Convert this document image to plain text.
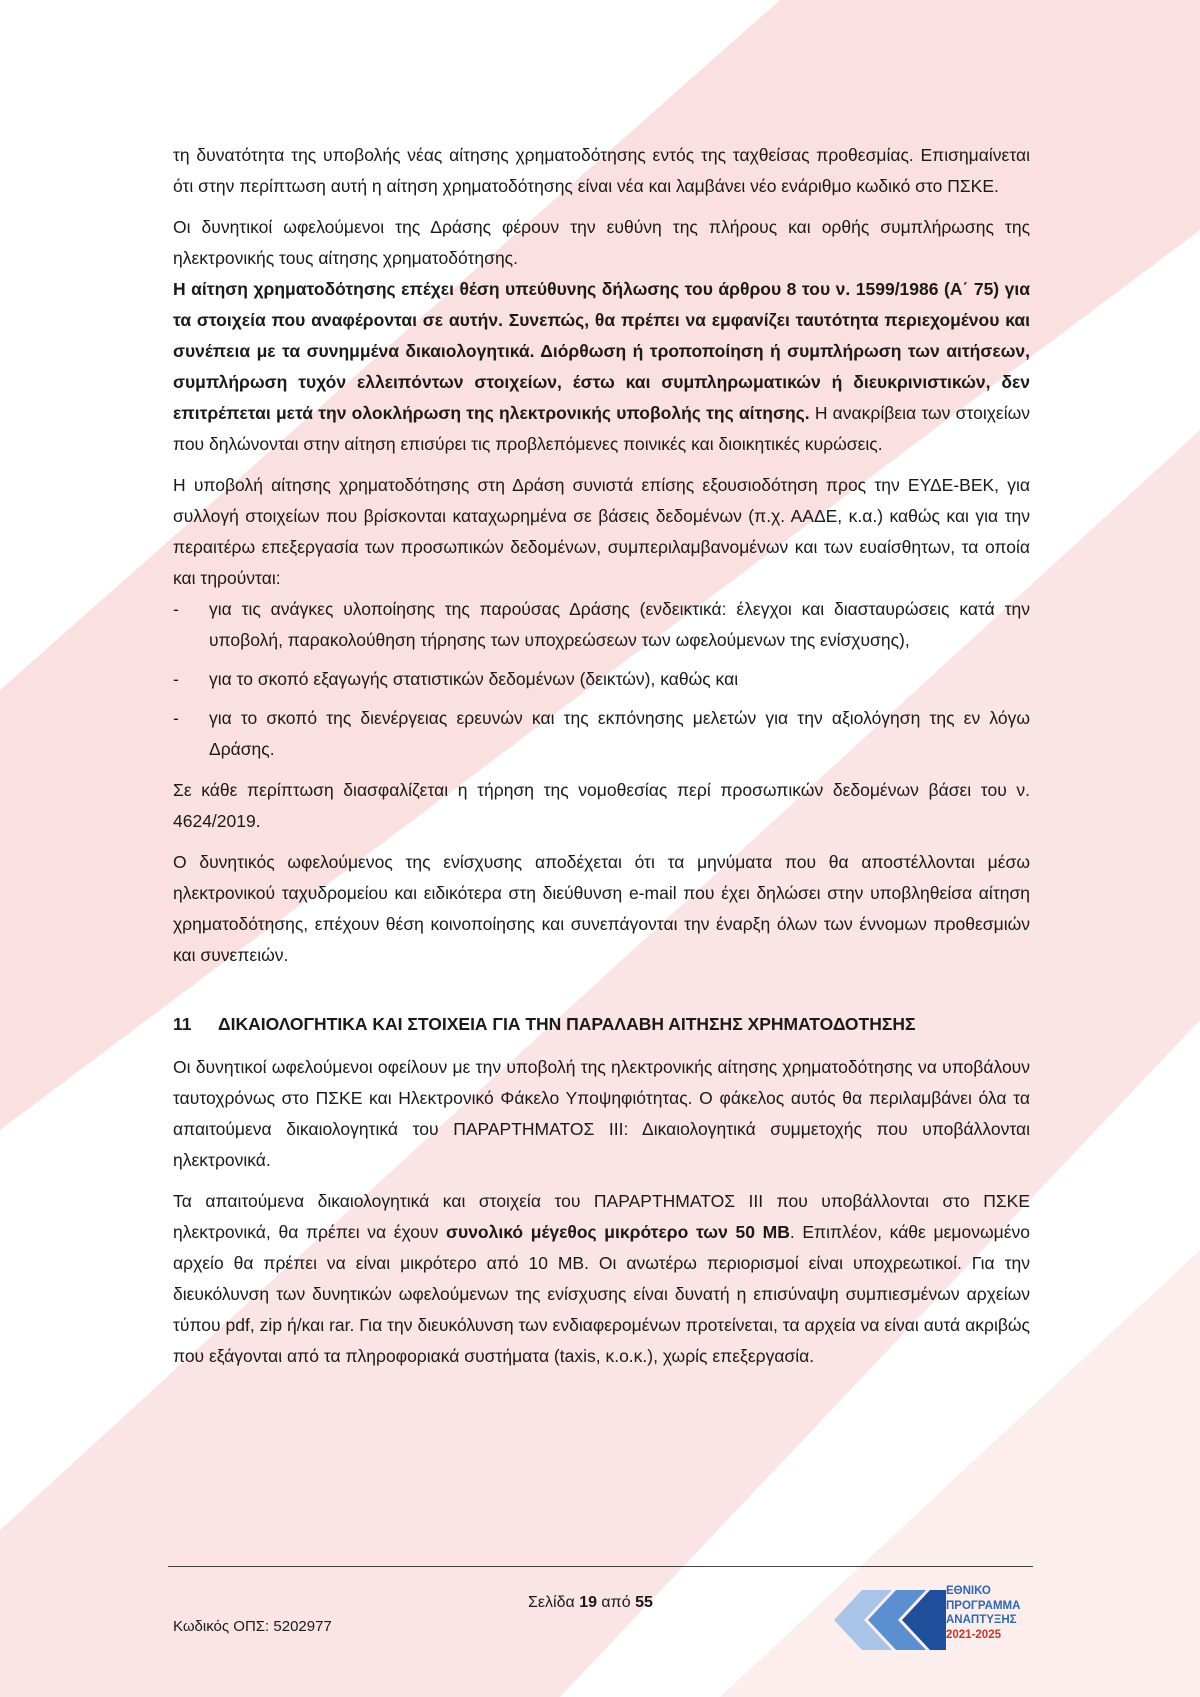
τη δυνατότητα της υποβολής νέας αίτησης χρηματοδότησης εντός της ταχθείσας προθεσμίας. Επισημαίνεται ότι στην περίπτωση αυτή η αίτηση χρηματοδότησης είναι νέα και λαμβάνει νέο ενάριθμο κωδικό στο ΠΣΚΕ.

Οι δυνητικοί ωφελούμενοι της Δράσης φέρουν την ευθύνη της πλήρους και ορθής συμπλήρωσης της ηλεκτρονικής τους αίτησης χρηματοδότησης.

Η αίτηση χρηματοδότησης επέχει θέση υπεύθυνης δήλωσης του άρθρου 8 του ν. 1599/1986 (Α΄ 75) για τα στοιχεία που αναφέρονται σε αυτήν. Συνεπώς, θα πρέπει να εμφανίζει ταυτότητα περιεχομένου και συνέπεια με τα συνημμένα δικαιολογητικά. Διόρθωση ή τροποποίηση ή συμπλήρωση των αιτήσεων, συμπλήρωση τυχόν ελλειπόντων στοιχείων, έστω και συμπληρωματικών ή διευκρινιστικών, δεν επιτρέπεται μετά την ολοκλήρωση της ηλεκτρονικής υποβολής της αίτησης. Η ανακρίβεια των στοιχείων που δηλώνονται στην αίτηση επισύρει τις προβλεπόμενες ποινικές και διοικητικές κυρώσεις.

Η υποβολή αίτησης χρηματοδότησης στη Δράση συνιστά επίσης εξουσιοδότηση προς την ΕΥΔΕ-ΒΕΚ, για συλλογή στοιχείων που βρίσκονται καταχωρημένα σε βάσεις δεδομένων (π.χ. ΑΑΔΕ, κ.α.) καθώς και για την περαιτέρω επεξεργασία των προσωπικών δεδομένων, συμπεριλαμβανομένων και των ευαίσθητων, τα οποία και τηρούνται:

- για τις ανάγκες υλοποίησης της παρούσας Δράσης (ενδεικτικά: έλεγχοι και διασταυρώσεις κατά την υποβολή, παρακολούθηση τήρησης των υποχρεώσεων των ωφελούμενων της ενίσχυσης),
- για το σκοπό εξαγωγής στατιστικών δεδομένων (δεικτών), καθώς και
- για το σκοπό της διενέργειας ερευνών και της εκπόνησης μελετών για την αξιολόγηση της εν λόγω Δράσης.

Σε κάθε περίπτωση διασφαλίζεται η τήρηση της νομοθεσίας περί προσωπικών δεδομένων βάσει του ν. 4624/2019.

Ο δυνητικός ωφελούμενος της ενίσχυσης αποδέχεται ότι τα μηνύματα που θα αποστέλλονται μέσω ηλεκτρονικού ταχυδρομείου και ειδικότερα στη διεύθυνση e-mail που έχει δηλώσει στην υποβληθείσα αίτηση χρηματοδότησης, επέχουν θέση κοινοποίησης και συνεπάγονται την έναρξη όλων των έννομων προθεσμιών και συνεπειών.

11 ΔΙΚΑΙΟΛΟΓΗΤΙΚΑ ΚΑΙ ΣΤΟΙΧΕΙΑ ΓΙΑ ΤΗΝ ΠΑΡΑΛΑΒΗ ΑΙΤΗΣΗΣ ΧΡΗΜΑΤΟΔΟΤΗΣΗΣ

Οι δυνητικοί ωφελούμενοι οφείλουν με την υποβολή της ηλεκτρονικής αίτησης χρηματοδότησης να υποβάλουν ταυτοχρόνως στο ΠΣΚΕ και Ηλεκτρονικό Φάκελο Υποψηφιότητας. Ο φάκελος αυτός θα περιλαμβάνει όλα τα απαιτούμενα δικαιολογητικά του ΠΑΡΑΡΤΗΜΑΤΟΣ ΙΙΙ: Δικαιολογητικά συμμετοχής που υποβάλλονται ηλεκτρονικά.

Τα απαιτούμενα δικαιολογητικά και στοιχεία του ΠΑΡΑΡΤΗΜΑΤΟΣ ΙΙΙ που υποβάλλονται στο ΠΣΚΕ ηλεκτρονικά, θα πρέπει να έχουν συνολικό μέγεθος μικρότερο των 50 MB. Επιπλέον, κάθε μεμονωμένο αρχείο θα πρέπει να είναι μικρότερο από 10 MB. Οι ανωτέρω περιορισμοί είναι υποχρεωτικοί. Για την διευκόλυνση των δυνητικών ωφελούμενων της ενίσχυσης είναι δυνατή η επισύναψη συμπιεσμένων αρχείων τύπου pdf, zip ή/και rar. Για την διευκόλυνση των ενδιαφερομένων προτείνεται, τα αρχεία να είναι αυτά ακριβώς που εξάγονται από τα πληροφοριακά συστήματα (taxis, κ.ο.κ.), χωρίς επεξεργασία.

Σελίδα 19 από 55
Κωδικός ΟΠΣ: 5202977
ΕΘΝΙΚΟ
ΠΡΟΓΡΑΜΜΑ
ΑΝΑΠΤΥΞΗΣ
2021-2025
